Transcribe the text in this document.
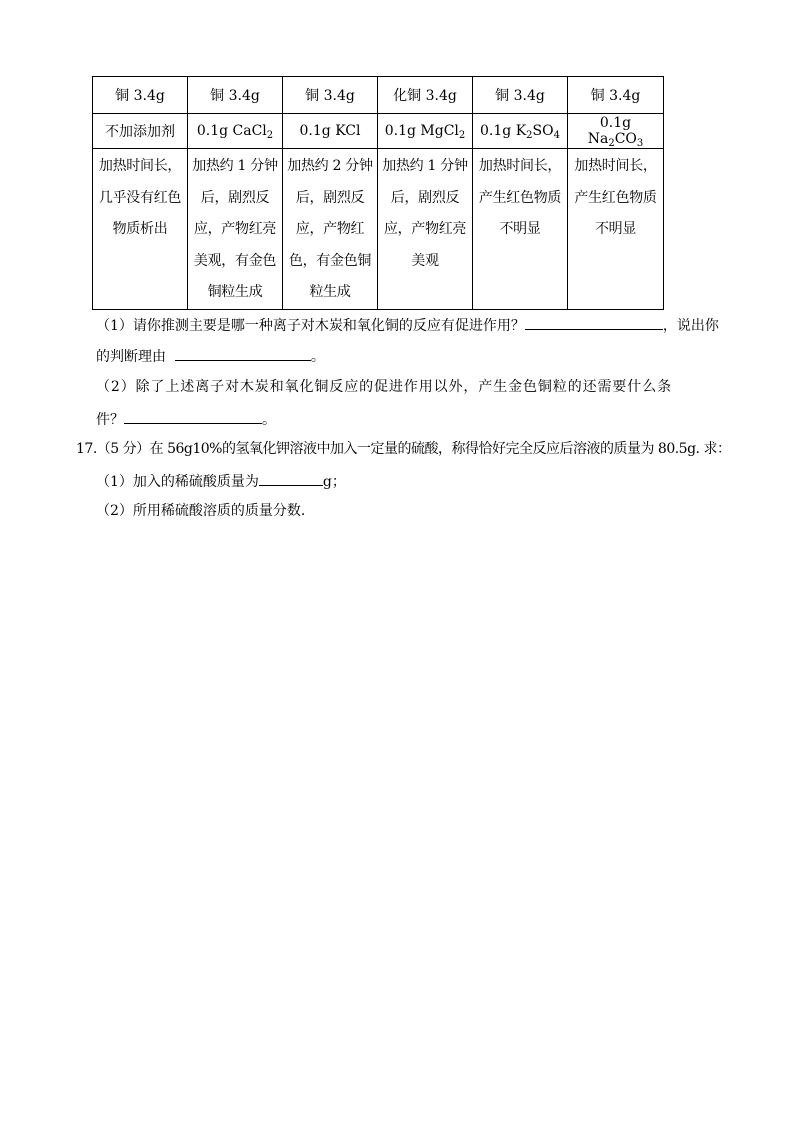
铜 3.4g	铜 3.4g	铜 3.4g	化铜 3.4g	铜 3.4g	铜 3.4g
不加添加剂	0.1g CaCl$_2$	0.1g KCl	0.1g MgCl$_2$	0.1g $K_2SO_4$	0.1g $Na_2CO_3$
加热时间长，几乎没有红色物质析出	加热约 1 分钟后，剧烈反应，产物红亮美观，有金色铜粒生成	加热约 2 分钟后，剧烈反应，产物红色，有金色铜粒生成	加热约 1 分钟后，剧烈反应，产物红亮美观	加热时间长，产生红色物质不明显	加热时间长，产生红色物质不明显
（1）请你推测主要是哪一种离子对木炭和氧化铜的反应有促进作用？	，说出你
的判断理由	。
（2）除了上述离子对木炭和氧化铜反应的促进作用以外，产生金色铜粒的还需要什么条
件？	。
17.（5 分）在 56g10%的氢氧化钾溶液中加入一定量的硫酸，称得恰好完全反应后溶液的质量为 80.5g. 求：
（1）加入的稀硫酸质量为	g；
（2）所用稀硫酸溶质的质量分数.
